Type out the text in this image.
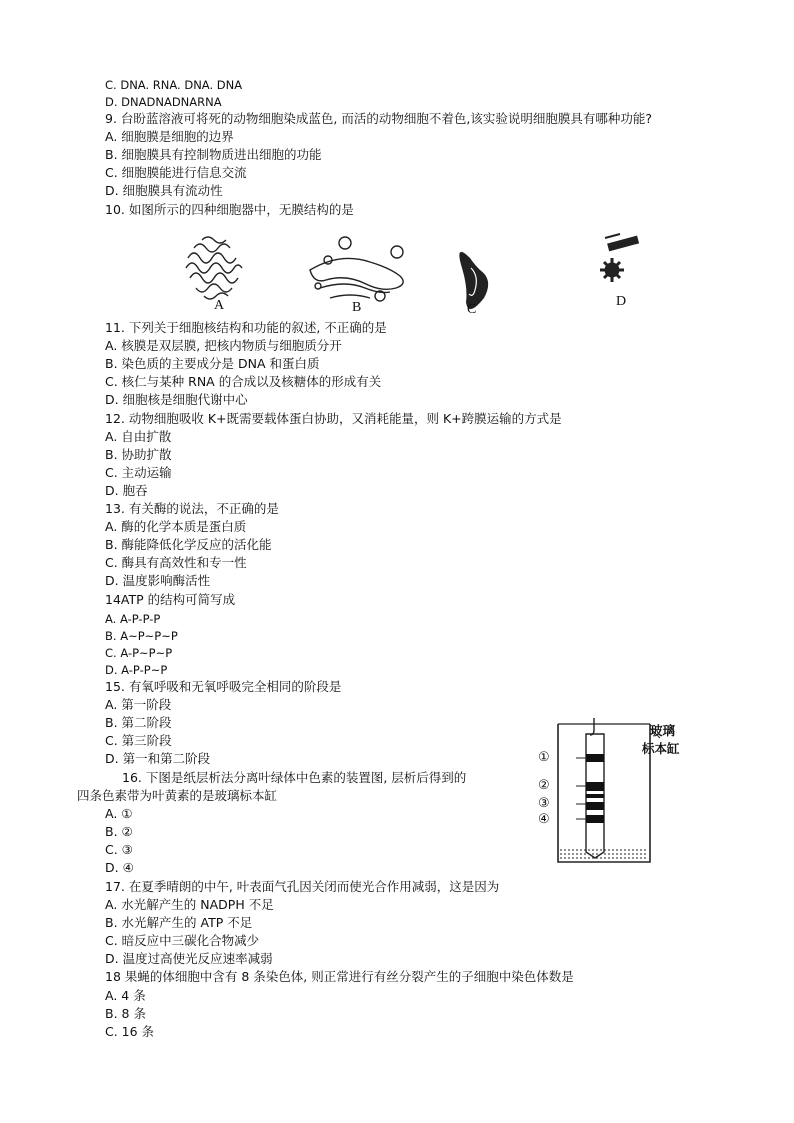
C. DNA. RNA. DNA. DNA
D. DNADNADNARNA
9. 台盼蓝溶液可将死的动物细胞染成蓝色, 而活的动物细胞不着色,该实验说明细胞膜具有哪种功能?
A. 细胞膜是细胞的边界
B. 细胞膜具有控制物质进出细胞的功能
C. 细胞膜能进行信息交流
D. 细胞膜具有流动性
10. 如图所示的四种细胞器中，无膜结构的是
A	B	C
D
11. 下列关于细胞核结构和功能的叙述, 不正确的是
A. 核膜是双层膜, 把核内物质与细胞质分开
B. 染色质的主要成分是 DNA 和蛋白质
C. 核仁与某种 RNA 的合成以及核糖体的形成有关
D. 细胞核是细胞代谢中心
12. 动物细胞吸收 K+既需要载体蛋白协助，又消耗能量，则 K+跨膜运输的方式是
A. 自由扩散
B. 协助扩散
C. 主动运输
D. 胞吞
13. 有关酶的说法，不正确的是
A. 酶的化学本质是蛋白质
B. 酶能降低化学反应的活化能
C. 酶具有高效性和专一性
D. 温度影响酶活性
14ATP 的结构可简写成
A. A-P-P-P
B. A~P~P~P
C. A-P~P~P
D. A-P-P~P
15. 有氧呼吸和无氧呼吸完全相同的阶段是
A. 第一阶段
B. 第二阶段
C. 第三阶段
D. 第一和第二阶段
16. 下图是纸层析法分离叶绿体中色素的装置图, 层析后得到的
四条色素带为叶黄素的是玻璃标本缸
A. ①
B. ②
C. ③
D. ④
①
②
③
④
玻璃
标本缸
17. 在夏季晴朗的中午, 叶表面气孔因关闭而使光合作用减弱，这是因为
A. 水光解产生的 NADPH 不足
B. 水光解产生的 ATP 不足
C. 暗反应中三碳化合物减少
D. 温度过高使光反应速率减弱
18 果蝇的体细胞中含有 8 条染色体, 则正常进行有丝分裂产生的子细胞中染色体数是
A. 4 条
B. 8 条
C. 16 条
